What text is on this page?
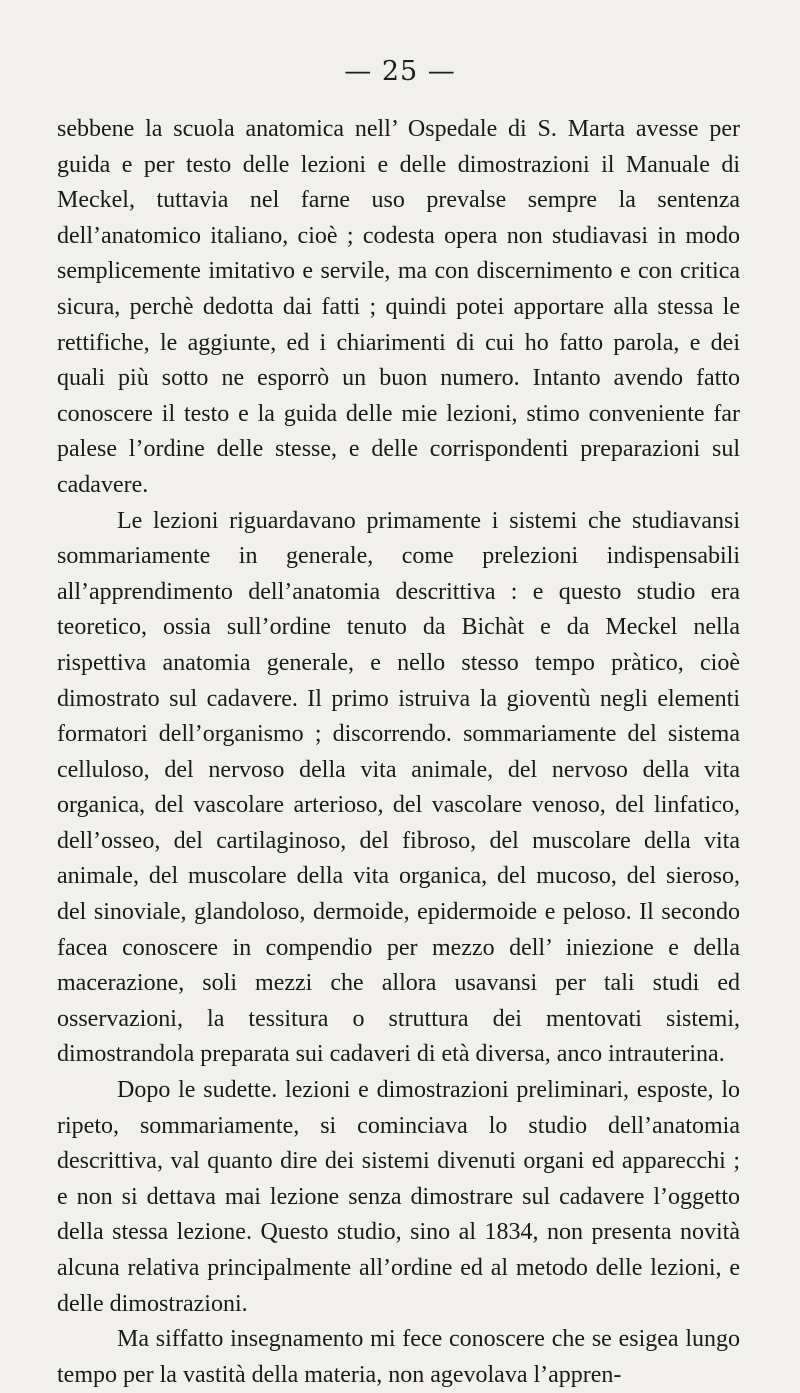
— 25 —

sebbene la scuola anatomica nell’ Ospedale di S. Marta avesse per guida e per testo delle lezioni e delle dimostrazioni il Manuale di Meckel, tuttavia nel farne uso prevalse sempre la sentenza dell’anatomico italiano, cioè ; codesta opera non studiavasi in modo semplicemente imitativo e servile, ma con discernimento e con critica sicura, perchè dedotta dai fatti ; quindi potei apportare alla stessa le rettifiche, le aggiunte, ed i chiarimenti di cui ho fatto parola, e dei quali più sotto ne esporrò un buon numero. Intanto avendo fatto conoscere il testo e la guida delle mie lezioni, stimo conveniente far palese l’ordine delle stesse, e delle corrispondenti preparazioni sul cadavere.

Le lezioni riguardavano primamente i sistemi che studiavansi sommariamente in generale, come prelezioni indispensabili all’apprendimento dell’anatomia descrittiva : e questo studio era teoretico, ossia sull’ordine tenuto da Bichàt e da Meckel nella rispettiva anatomia generale, e nello stesso tempo pràtico, cioè dimostrato sul cadavere. Il primo istruiva la gioventù negli elementi formatori dell’organismo ; discorrendo. sommariamente del sistema celluloso, del nervoso della vita animale, del nervoso della vita organica, del vascolare arterioso, del vascolare venoso, del linfatico, dell’osseo, del cartilaginoso, del fibroso, del muscolare della vita animale, del muscolare della vita organica, del mucoso, del sieroso, del sinoviale, glandoloso, dermoide, epidermoide e peloso. Il secondo facea conoscere in compendio per mezzo dell’ iniezione e della macerazione, soli mezzi che allora usavansi per tali studi ed osservazioni, la tessitura o struttura dei mentovati sistemi, dimostrandola preparata sui cadaveri di età diversa, anco intrauterina.

Dopo le sudette. lezioni e dimostrazioni preliminari, esposte, lo ripeto, sommariamente, si cominciava lo studio dell’anatomia descrittiva, val quanto dire dei sistemi divenuti organi ed apparecchi ; e non si dettava mai lezione senza dimostrare sul cadavere l’oggetto della stessa lezione. Questo studio, sino al 1834, non presenta novità alcuna relativa principalmente all’ordine ed al metodo delle lezioni, e delle dimostrazioni.

Ma siffatto insegnamento mi fece conoscere che se esigea lungo tempo per la vastità della materia, non agevolava l’appren-
